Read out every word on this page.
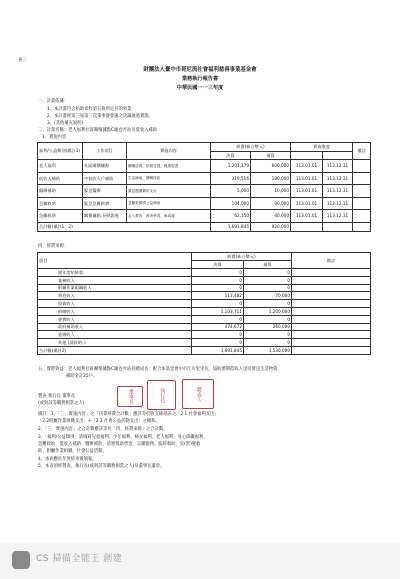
表三
財團法人臺中市哥尼流社會福利慈善事業基金會
業務執行報告書
中華民國一一三年度
一、計畫依據：
1、本計畫符合捐助章程第五條所定目的事業
2、本計畫經第三屆第三次董事會會議之決議通過實施。
3、(其他補充說明)
二、計畫名稱：老人福利社區關懷據點C級卷弄站及低收入補助
1、實施內容
福利/公益類別(備註3)	工作項目	實施內容	經費(新台幣元)		實施進度		備註
			決算	預算			
老人福利	社區關懷據點	關懷訪視，供餐自強，健康促進	1,201,179	600,000	113.01.01	113.12.31	
低收入補助	中低收入戶補助	生活補助，關懷探訪	319,516	180,000	113.01.01	113.12.31	
醫療補助	緊急醫療	緊急醫療費用支出	5,000	10,000	113.01.01	113.12.31	
急難救助	緊急急難救濟	急難救濟照公益補助	104,000	90,000	113.01.01	113.12.31	
急難救助	關懷據點,長照說進	志工教育，教育學習，車馬費	62,150	40,000	113.01.01	113.12.31	
合計數(備註1、2)			1,691,845	920,000			
四、經費來源：
項目	經費(新台幣元)		備註
	決算	預算	
歷年度結餘款	0	0	
業務收入	0	0	
附屬作業組織收入	0	0	
利息收入	113,482	70,000	
投資收入	0	0	
捐贈收入	1,103,711	1,200,000	
會費收入	0	0	
政府補助收入	474,672	260,000	
委辦收入	0	0	
其他 (請敘明：)	0	0	
合計數(備註2)	1,691,845	1,530,000	
五、實際效益：老人福利社區關懷據點C級卷弄站持續成長：配合本基金會中市江川里里長，協助歷期低收入里民發送生活物資，
補助金計25戶。
製表 執行長 董事長
(或與該等職務相當之人)	董事長	執行長	製表人
備註：1、「三、實施內容」之「決算經費合計數」應該等於收支餘絀表之「2.1 社會福利支出」
「2.2附屬作業組織支出」+「2.3 社會公益活動支出」之總和。
2、「三、實施內容」之合計數應該等於「四、經費來源」之合計數。
3、「福利/公益類別」請填寫兒童福利、少年福利、婦女福利、老人福利、身心障礙福利、
急難救助、低收入補助、醫療補助、清寒獎助學金、志願服務、臨時救助、災(害)變救
助、附屬作業組織、社會公益活動。
4、本表應於年度結束後填報。
5、本表須經製表、執行長(或與該等職務相當之人)及董事長蓋章。
CS 掃描全能王 創建
